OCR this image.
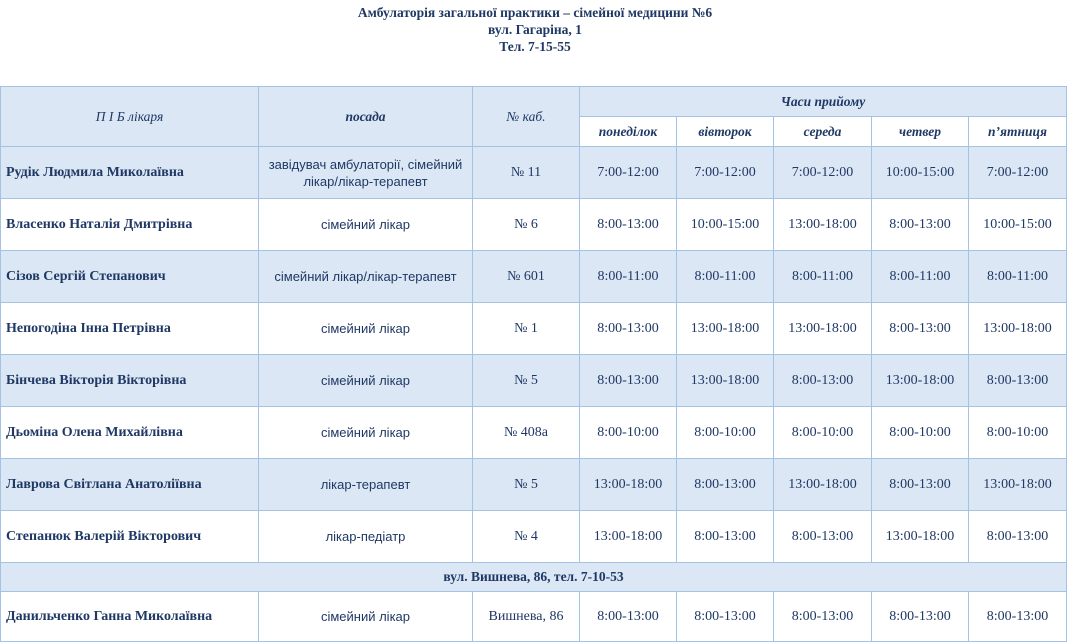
Амбулаторія загальної практики – сімейної медицини №6
вул. Гагаріна, 1
Тел. 7-15-55
П І Б лікаря	посада	№ каб.	Часи прийому				
			понеділок	вівторок	середа	четвер	п’ятниця
Рудік Людмила Миколаївна	завідувач амбулаторії, сімейний лікар/лікар-терапевт	№ 11	7:00-12:00	7:00-12:00	7:00-12:00	10:00-15:00	7:00-12:00
Власенко Наталія Дмитрівна	сімейний лікар	№ 6	8:00-13:00	10:00-15:00	13:00-18:00	8:00-13:00	10:00-15:00
Сізов Сергій Степанович	сімейний лікар/лікар-терапевт	№ 601	8:00-11:00	8:00-11:00	8:00-11:00	8:00-11:00	8:00-11:00
Непогодіна Інна Петрівна	сімейний лікар	№ 1	8:00-13:00	13:00-18:00	13:00-18:00	8:00-13:00	13:00-18:00
Бінчева Вікторія Вікторівна	сімейний лікар	№ 5	8:00-13:00	13:00-18:00	8:00-13:00	13:00-18:00	8:00-13:00
Дьоміна Олена Михайлівна	сімейний лікар	№ 408а	8:00-10:00	8:00-10:00	8:00-10:00	8:00-10:00	8:00-10:00
Лаврова Світлана Анатоліївна	лікар-терапевт	№ 5	13:00-18:00	8:00-13:00	13:00-18:00	8:00-13:00	13:00-18:00
Степанюк Валерій Вікторович	лікар-педіатр	№ 4	13:00-18:00	8:00-13:00	8:00-13:00	13:00-18:00	8:00-13:00
вул. Вишнева, 86, тел. 7-10-53							
Данильченко Ганна Миколаївна	сімейний лікар	Вишнева, 86	8:00-13:00	8:00-13:00	8:00-13:00	8:00-13:00	8:00-13:00
